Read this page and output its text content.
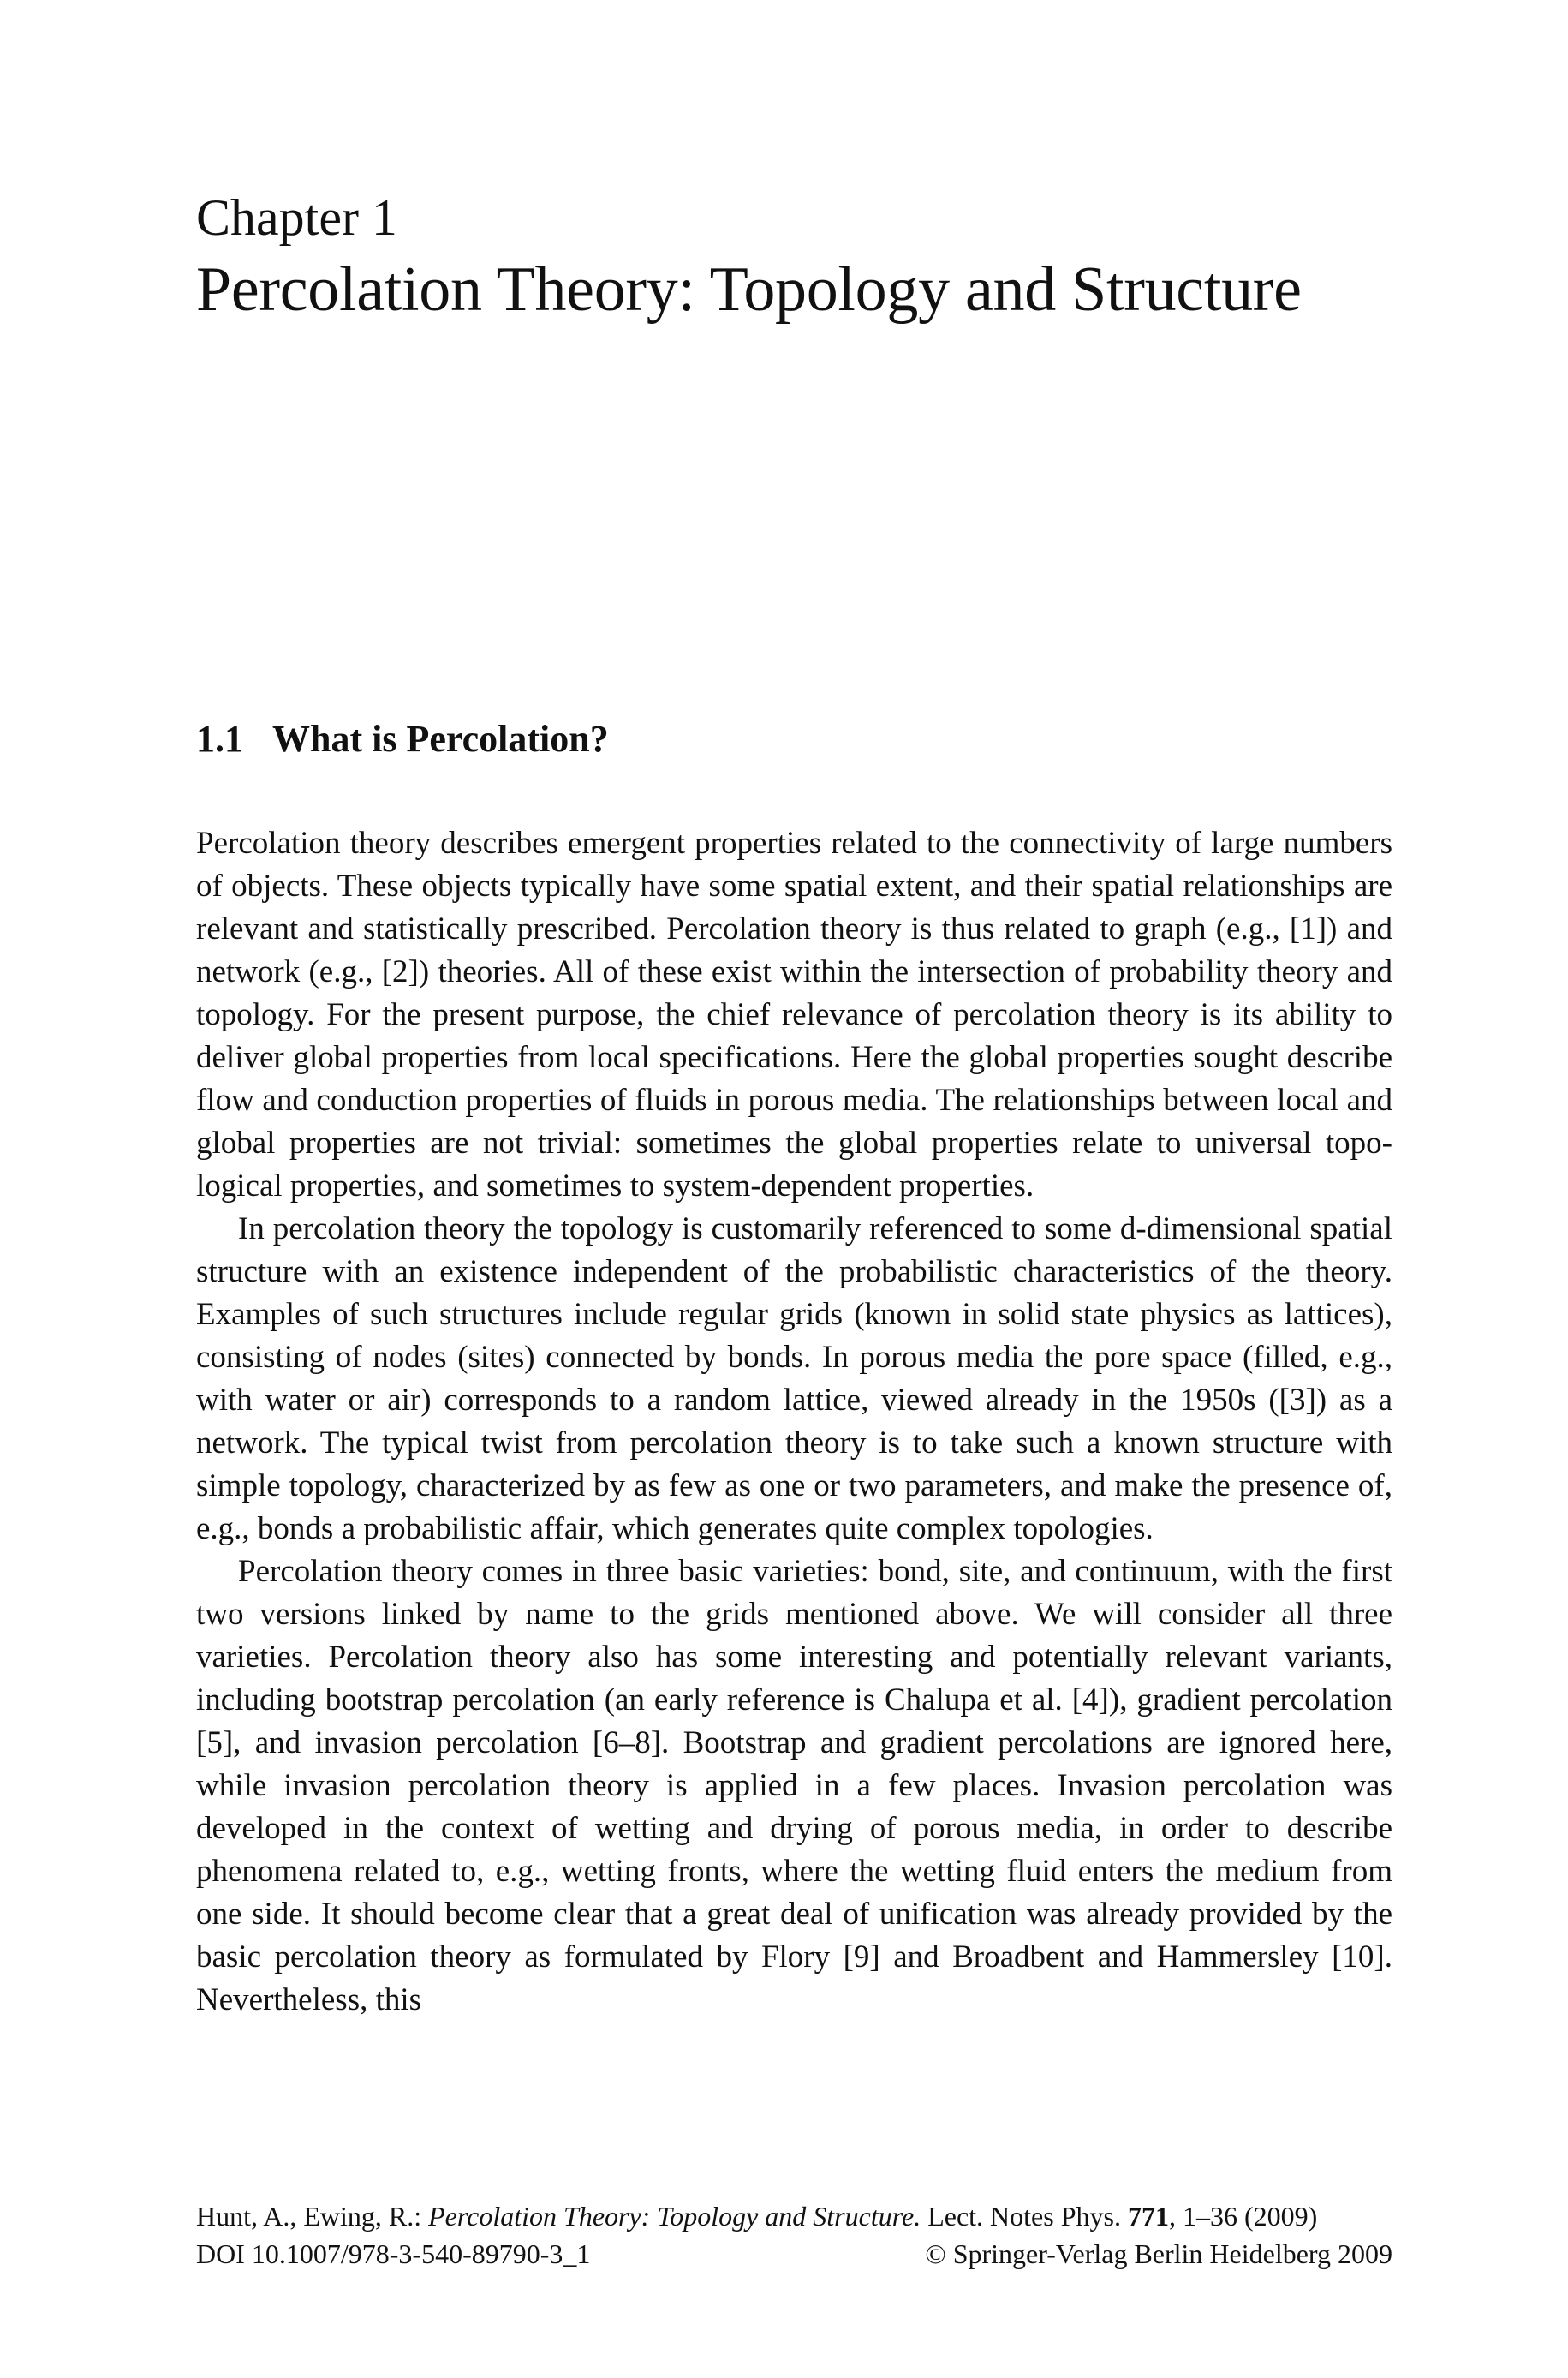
Chapter 1
Percolation Theory: Topology and Structure
1.1 What is Percolation?

Percolation theory describes emergent properties related to the connectivity of large numbers of objects. These objects typically have some spatial extent, and their spatial relationships are relevant and statistically prescribed. Percolation theory is thus related to graph (e.g., [1]) and network (e.g., [2]) theories. All of these exist within the intersection of probability theory and topology. For the present purpose, the chief relevance of percolation theory is its ability to deliver global properties from local specifications. Here the global properties sought describe flow and conduction properties of fluids in porous media. The relationships between local and global properties are not trivial: sometimes the global properties relate to universal topological properties, and sometimes to system-dependent properties.

In percolation theory the topology is customarily referenced to some d-dimensional spatial structure with an existence independent of the probabilistic characteristics of the theory. Examples of such structures include regular grids (known in solid state physics as lattices), consisting of nodes (sites) connected by bonds. In porous media the pore space (filled, e.g., with water or air) corresponds to a random lattice, viewed already in the 1950s ([3]) as a network. The typical twist from percolation theory is to take such a known structure with simple topology, characterized by as few as one or two parameters, and make the presence of, e.g., bonds a probabilistic affair, which generates quite complex topologies.

Percolation theory comes in three basic varieties: bond, site, and continuum, with the first two versions linked by name to the grids mentioned above. We will consider all three varieties. Percolation theory also has some interesting and potentially relevant variants, including bootstrap percolation (an early reference is Chalupa et al. [4]), gradient percolation [5], and invasion percolation [6–8]. Bootstrap and gradient percolations are ignored here, while invasion percolation theory is applied in a few places. Invasion percolation was developed in the context of wetting and drying of porous media, in order to describe phenomena related to, e.g., wetting fronts, where the wetting fluid enters the medium from one side. It should become clear that a great deal of unification was already provided by the basic percolation theory as formulated by Flory [9] and Broadbent and Hammersley [10]. Nevertheless, this

Hunt, A., Ewing, R.: Percolation Theory: Topology and Structure. Lect. Notes Phys. 771, 1–36 (2009)
DOI 10.1007/978-3-540-89790-3_1	© Springer-Verlag Berlin Heidelberg 2009
